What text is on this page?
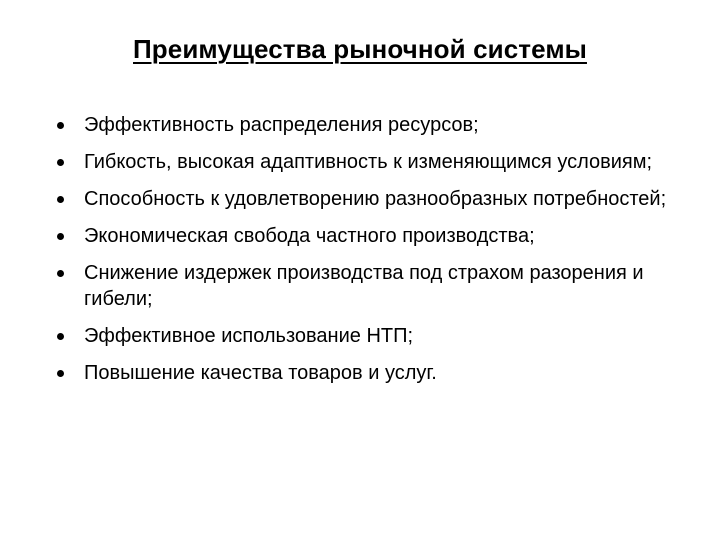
Преимущества рыночной системы
Эффективность распределения ресурсов;
Гибкость, высокая адаптивность к изменяющимся условиям;
Способность к удовлетворению разнообразных потребностей;
Экономическая свобода частного производства;
Снижение издержек производства под страхом разорения и гибели;
Эффективное использование НТП;
Повышение качества товаров и услуг.
